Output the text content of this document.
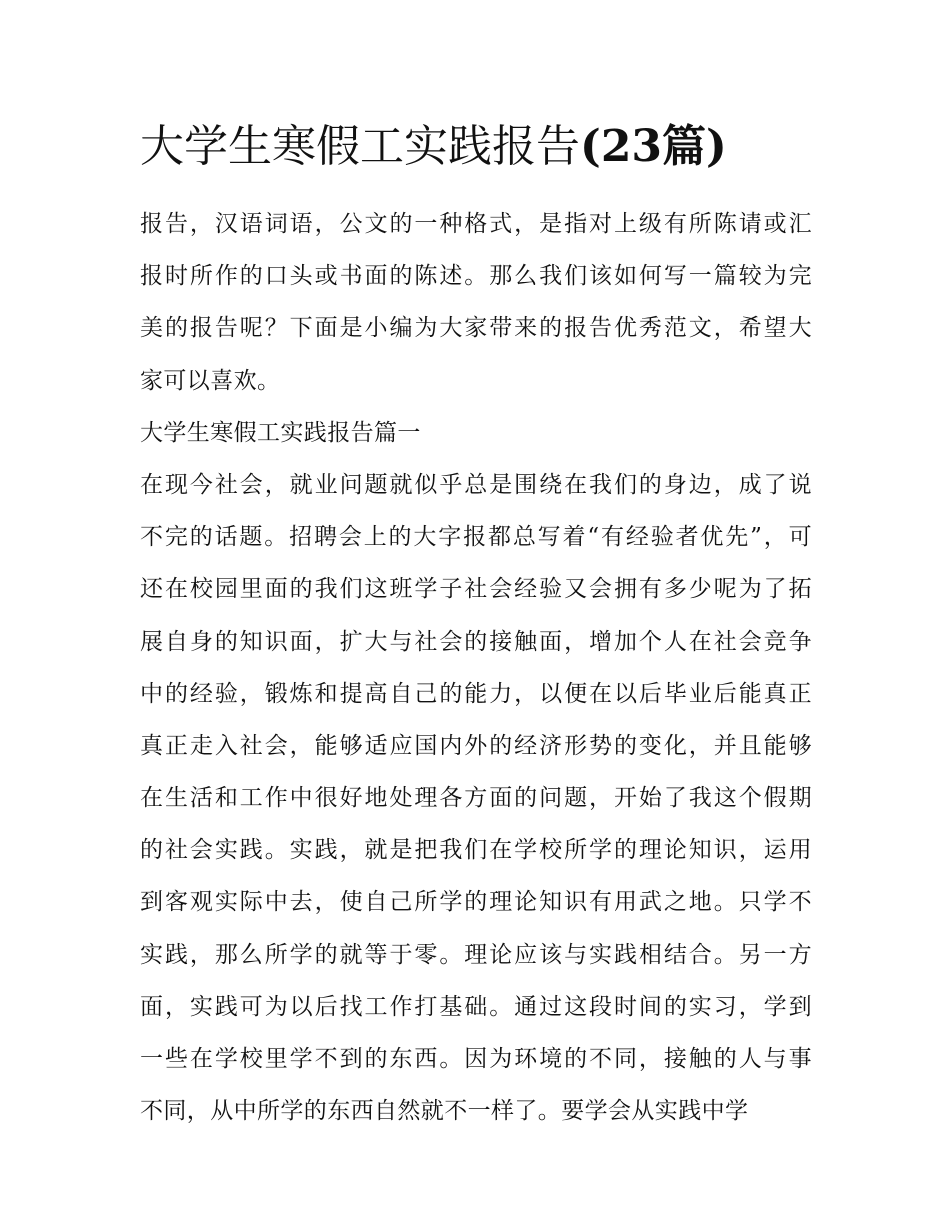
大学生寒假工实践报告(23篇)
报告，汉语词语，公文的一种格式，是指对上级有所陈请或汇
报时所作的口头或书面的陈述。那么我们该如何写一篇较为完
美的报告呢？下面是小编为大家带来的报告优秀范文，希望大
家可以喜欢。
大学生寒假工实践报告篇一
在现今社会，就业问题就似乎总是围绕在我们的身边，成了说
不完的话题。招聘会上的大字报都总写着“有经验者优先”，可
还在校园里面的我们这班学子社会经验又会拥有多少呢为了拓
展自身的知识面，扩大与社会的接触面，增加个人在社会竞争
中的经验，锻炼和提高自己的能力，以便在以后毕业后能真正
真正走入社会，能够适应国内外的经济形势的变化，并且能够
在生活和工作中很好地处理各方面的问题，开始了我这个假期
的社会实践。实践，就是把我们在学校所学的理论知识，运用
到客观实际中去，使自己所学的理论知识有用武之地。只学不
实践，那么所学的就等于零。理论应该与实践相结合。另一方
面，实践可为以后找工作打基础。通过这段时间的实习，学到
一些在学校里学不到的东西。因为环境的不同，接触的人与事
不同，从中所学的东西自然就不一样了。要学会从实践中学
